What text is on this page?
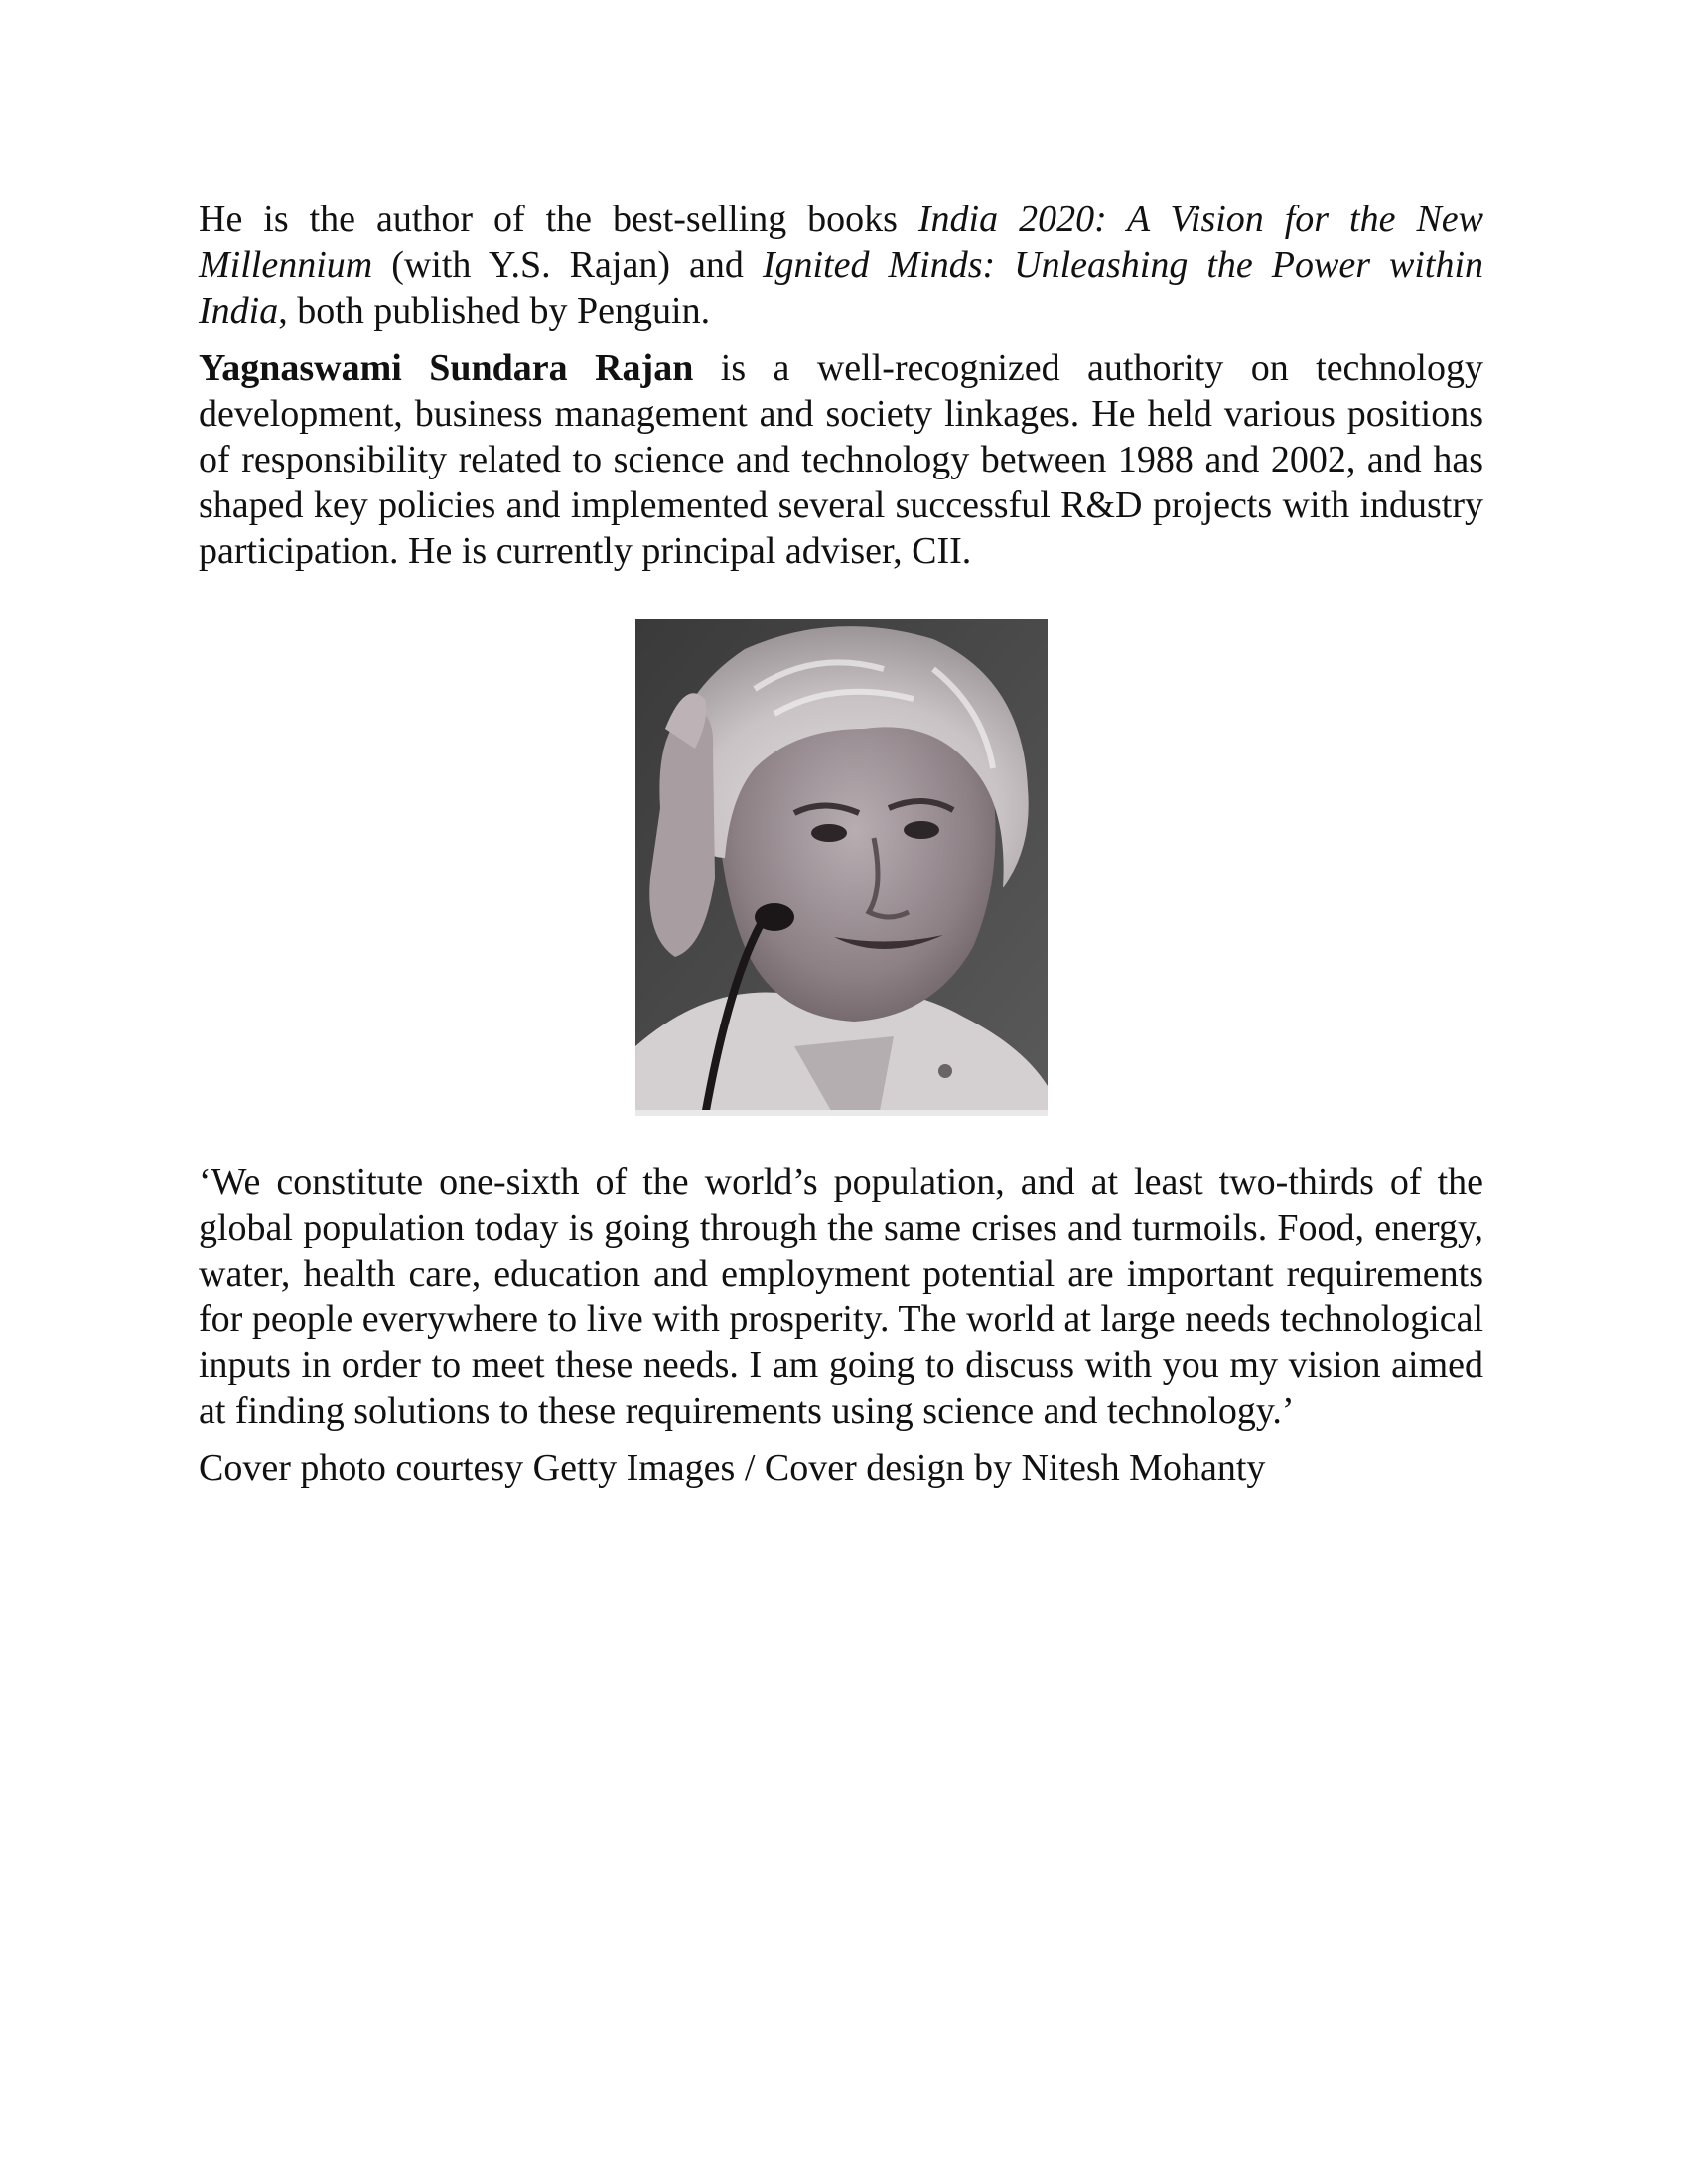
He is the author of the best-selling books India 2020: A Vision for the New Millennium (with Y.S. Rajan) and Ignited Minds: Unleashing the Power within India, both published by Penguin.

Yagnaswami Sundara Rajan is a well-recognized authority on technology development, business management and society linkages. He held various positions of responsibility related to science and technology between 1988 and 2002, and has shaped key policies and implemented several successful R&D projects with industry participation. He is currently principal adviser, CII.

‘We constitute one-sixth of the world’s population, and at least two-thirds of the global population today is going through the same crises and turmoils. Food, energy, water, health care, education and employment potential are important requirements for people everywhere to live with prosperity. The world at large needs technological inputs in order to meet these needs. I am going to discuss with you my vision aimed at finding solutions to these requirements using science and technology.’

Cover photo courtesy Getty Images / Cover design by Nitesh Mohanty
